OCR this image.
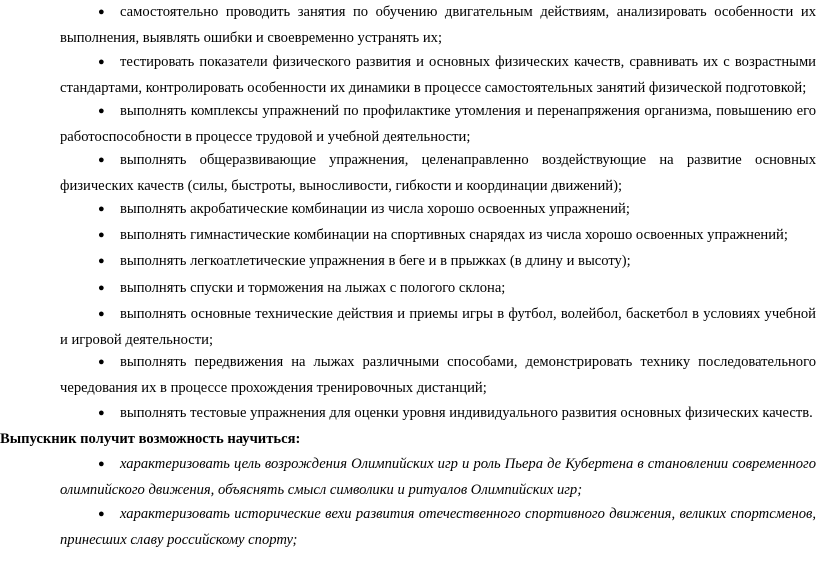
● самостоятельно проводить занятия по обучению двигательным действиям, анализировать особенности их выполнения, выявлять ошибки и своевременно устранять их;

● тестировать показатели физического развития и основных физических качеств, сравнивать их с возрастными стандартами, контролировать особенности их динамики в процессе самостоятельных занятий физической подготовкой;

● выполнять комплексы упражнений по профилактике утомления и перенапряжения организма, повышению его работоспособности в процессе трудовой и учебной деятельности;

● выполнять общеразвивающие упражнения, целенаправленно воздействующие на развитие основных физических качеств (силы, быстроты, выносливости, гибкости и координации движений);

● выполнять акробатические комбинации из числа хорошо освоенных упражнений;

● выполнять гимнастические комбинации на спортивных снарядах из числа хорошо освоенных упражнений;

● выполнять легкоатлетические упражнения в беге и в прыжках (в длину и высоту);

● выполнять спуски и торможения на лыжах с пологого склона;

● выполнять основные технические действия и приемы игры в футбол, волейбол, баскетбол в условиях учебной и игровой деятельности;

● выполнять передвижения на лыжах различными способами, демонстрировать технику последовательного чередования их в процессе прохождения тренировочных дистанций;

● выполнять тестовые упражнения для оценки уровня индивидуального развития основных физических качеств.

Выпускник получит возможность научиться:

● характеризовать цель возрождения Олимпийских игр и роль Пьера де Кубертена в становлении современного олимпийского движения, объяснять смысл символики и ритуалов Олимпийских игр;

● характеризовать исторические вехи развития отечественного спортивного движения, великих спортсменов, принесших славу российскому спорту;
